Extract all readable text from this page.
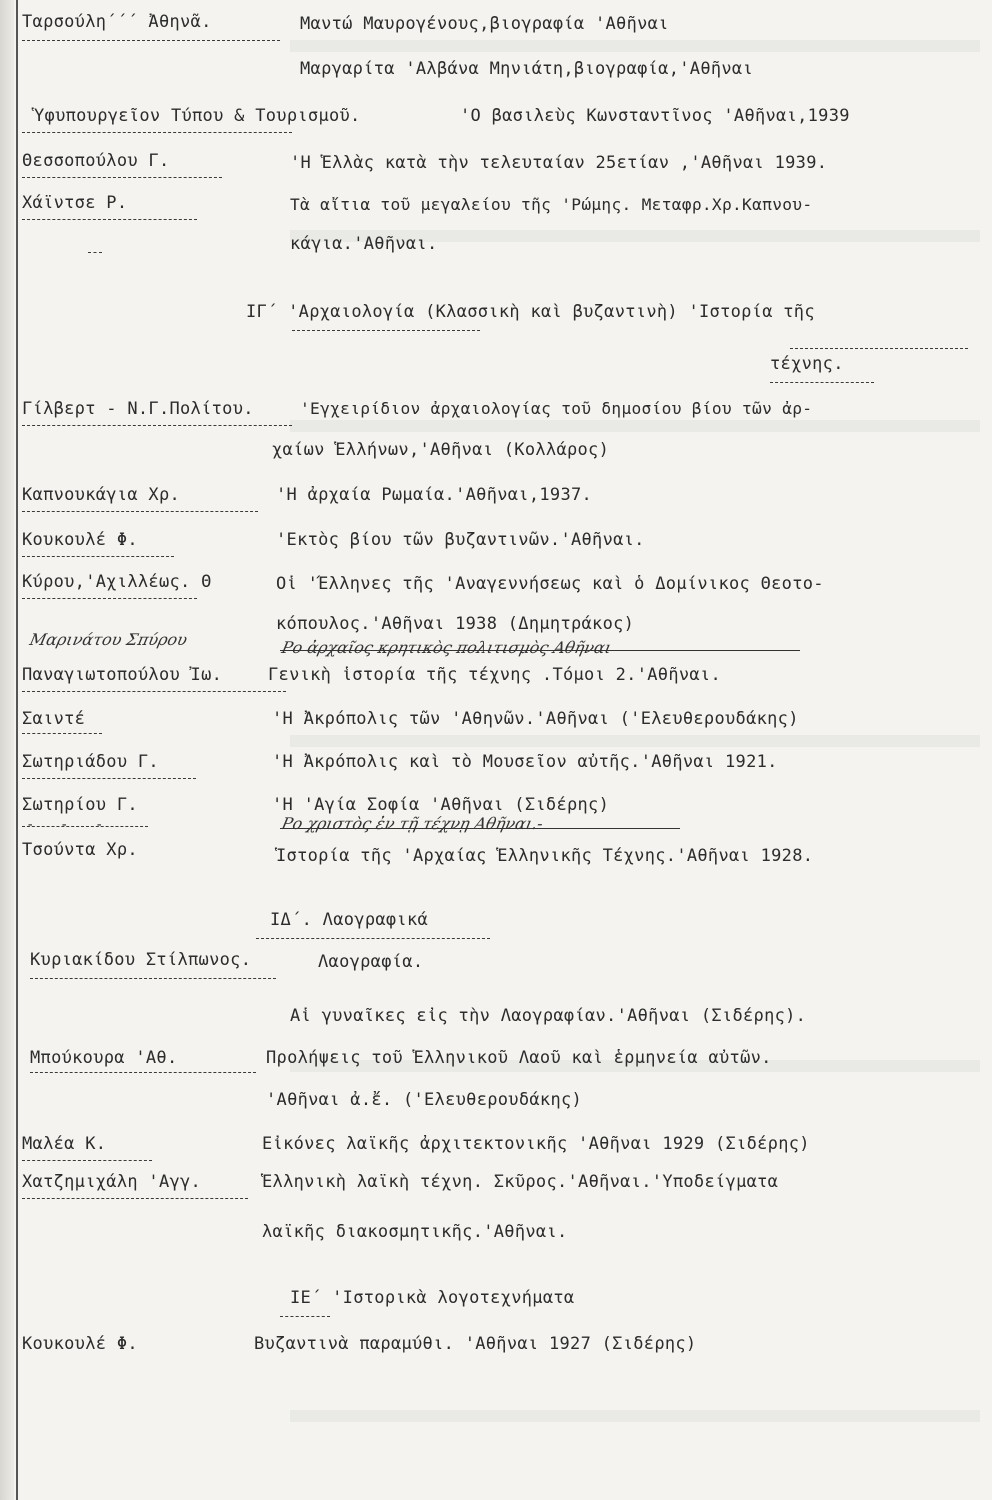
Ταρσούλη΄΄΄ Ἀθηνᾶ.	Μαντώ Μαυρογένους,βιογραφία 'Αθῆναι
Μαργαρίτα 'Αλβάνα Μηνιάτη,βιογραφία,'Αθῆναι
Ὑφυπουργεῖον Τύπου & Τουρισμοῦ.	'Ο βασιλεὺς Κωνσταντῖνος 'Αθῆναι,1939
Θεσσοπούλου Γ.	'Η Ἑλλὰς κατὰ τὴν τελευταίαν 25ετίαν ,'Αθῆναι 1939.
Χάϊντσε Ρ.	Τὰ αἴτια τοῦ μεγαλείου τῆς 'Ρώμης. Μεταφρ.Χρ.Καπνου-
κάγια.'Αθῆναι.
ΙΓ΄ 'Αρχαιολογία (Κλασσικὴ καὶ βυζαντινὴ) 'Ιστορία τῆς
τέχνης.
Γίλβερτ - Ν.Γ.Πολίτου.	'Εγχειρίδιον ἀρχαιολογίας τοῦ δημοσίου βίου τῶν ἀρ-
χαίων Ἑλλήνων,'Αθῆναι (Κολλάρος)
Καπνουκάγια Χρ.	'Η ἀρχαία Ρωμαία.'Αθῆναι,1937.
Κουκουλέ Φ.	'Εκτὸς βίου τῶν βυζαντινῶν.'Αθῆναι.
Κύρου,'Αχιλλέως. Θ	Οἱ 'Έλληνες τῆς 'Αναγεννήσεως καὶ ὁ Δομίνικος Θεοτο-
κόπουλος.'Αθῆναι 1938 (Δημητράκος)
Μαρινάτου Σπύρου	Ρο ἀρχαῖος κρητικὸς πολιτισμὸς Αθῆναι
Παναγιωτοπούλου Ἰω.	Γενικὴ ἱστορία τῆς τέχνης .Τόμοι 2.'Αθῆναι.
Σαιντέ	'Η Ἀκρόπολις τῶν 'Αθηνῶν.'Αθῆναι ('Ελευθερουδάκης)
Σωτηριάδου Γ.	'Η Ἀκρόπολις καὶ τὸ Μουσεῖον αὐτῆς.'Αθῆναι 1921.
Σωτηρίου Γ.	'Η 'Αγία Σοφία 'Αθῆναι (Σιδέρης)
- - -	Ρο χριστὸς ἐν τῇ τέχνῃ Αθῆναι.-
Τσούντα Χρ.	Ἱστορία τῆς 'Αρχαίας Ἑλληνικῆς Τέχνης.'Αθῆναι 1928.
ΙΔ΄. Λαογραφικά
Κυριακίδου Στίλπωνος.	Λαογραφία.
Αἱ γυναῖκες εἰς τὴν Λαογραφίαν.'Αθῆναι (Σιδέρης).
Μπούκουρα 'Αθ.	Προλήψεις τοῦ Ἑλληνικοῦ Λαοῦ καὶ ἑρμηνεία αὐτῶν.
'Αθῆναι ἀ.ἔ. ('Ελευθερουδάκης)
Μαλέα Κ.	Εἰκόνες λαϊκῆς ἀρχιτεκτονικῆς 'Αθῆναι 1929 (Σιδέρης)
Χατζημιχάλη 'Αγγ.	Ἑλληνικὴ λαϊκὴ τέχνη. Σκῦρος.'Αθῆναι.'Υποδείγματα
λαϊκῆς διακοσμητικῆς.'Αθῆναι.
ΙΕ΄ 'Ιστορικὰ λογοτεχνήματα
Κουκουλέ Φ.	Βυζαντινὰ παραμύθι. 'Αθῆναι 1927 (Σιδέρης)
